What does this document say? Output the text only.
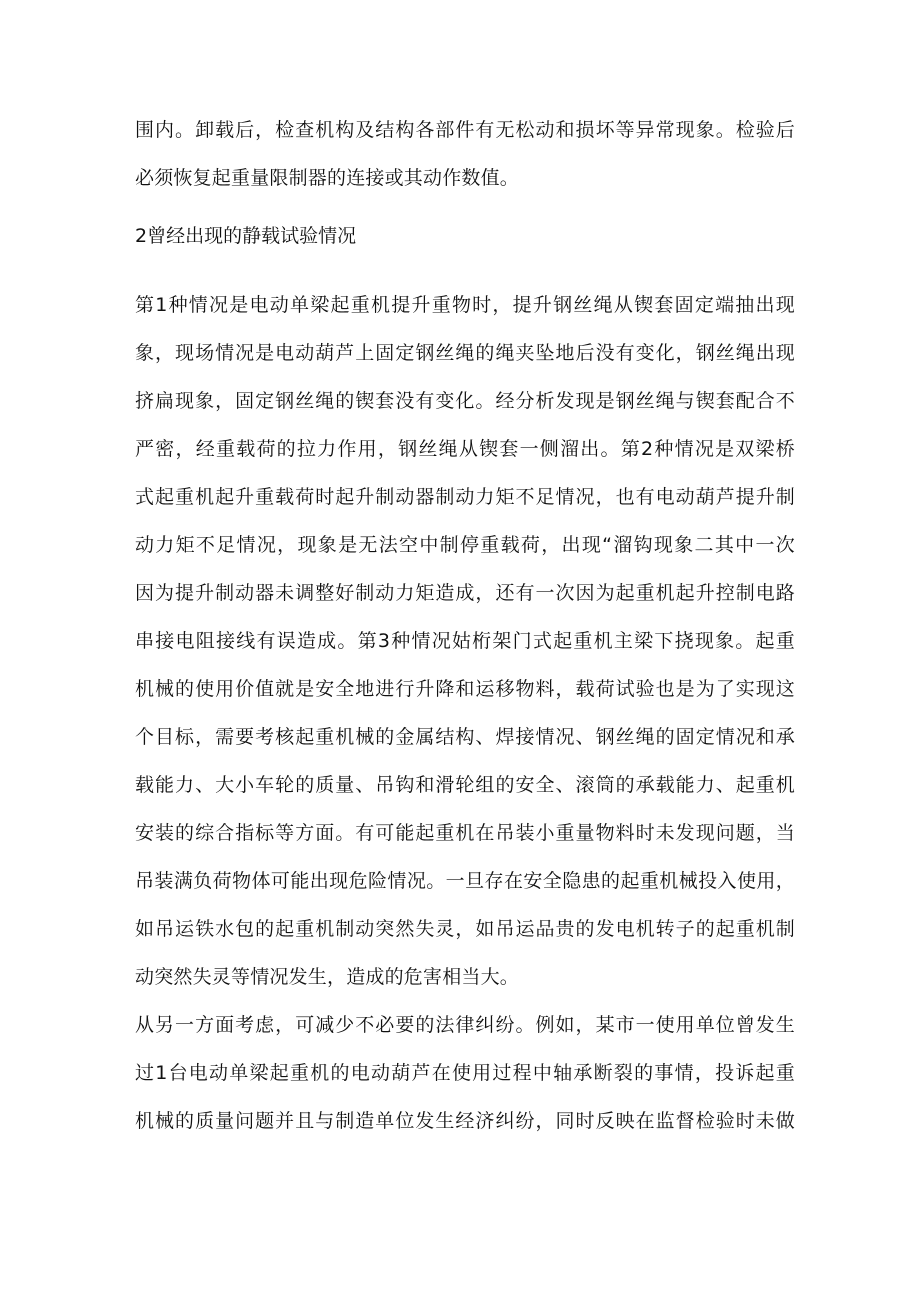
围内。卸载后，检查机构及结构各部件有无松动和损坏等异常现象。检验后
必须恢复起重量限制器的连接或其动作数值。
2曾经出现的静载试验情况
第1种情况是电动单梁起重机提升重物时，提升钢丝绳从锲套固定端抽出现
象，现场情况是电动葫芦上固定钢丝绳的绳夹坠地后没有变化，钢丝绳出现
挤扁现象，固定钢丝绳的锲套没有变化。经分析发现是钢丝绳与锲套配合不
严密，经重载荷的拉力作用，钢丝绳从锲套一侧溜出。第2种情况是双梁桥
式起重机起升重载荷时起升制动器制动力矩不足情况，也有电动葫芦提升制
动力矩不足情况，现象是无法空中制停重载荷，出现“溜钩现象二其中一次
因为提升制动器未调整好制动力矩造成，还有一次因为起重机起升控制电路
串接电阻接线有误造成。第3种情况姑桁架门式起重机主梁下挠现象。起重
机械的使用价值就是安全地进行升降和运移物料，载荷试验也是为了实现这
个目标，需要考核起重机械的金属结构、焊接情况、钢丝绳的固定情况和承
载能力、大小车轮的质量、吊钩和滑轮组的安全、滚筒的承载能力、起重机
安装的综合指标等方面。有可能起重机在吊装小重量物料时未发现问题，当
吊装满负荷物体可能出现危险情况。一旦存在安全隐患的起重机械投入使用，
如吊运铁水包的起重机制动突然失灵，如吊运品贵的发电机转子的起重机制
动突然失灵等情况发生，造成的危害相当大。
从另一方面考虑，可减少不必要的法律纠纷。例如，某市一使用单位曾发生
过1台电动单梁起重机的电动葫芦在使用过程中轴承断裂的事情，投诉起重
机械的质量问题并且与制造单位发生经济纠纷，同时反映在监督检验时未做
